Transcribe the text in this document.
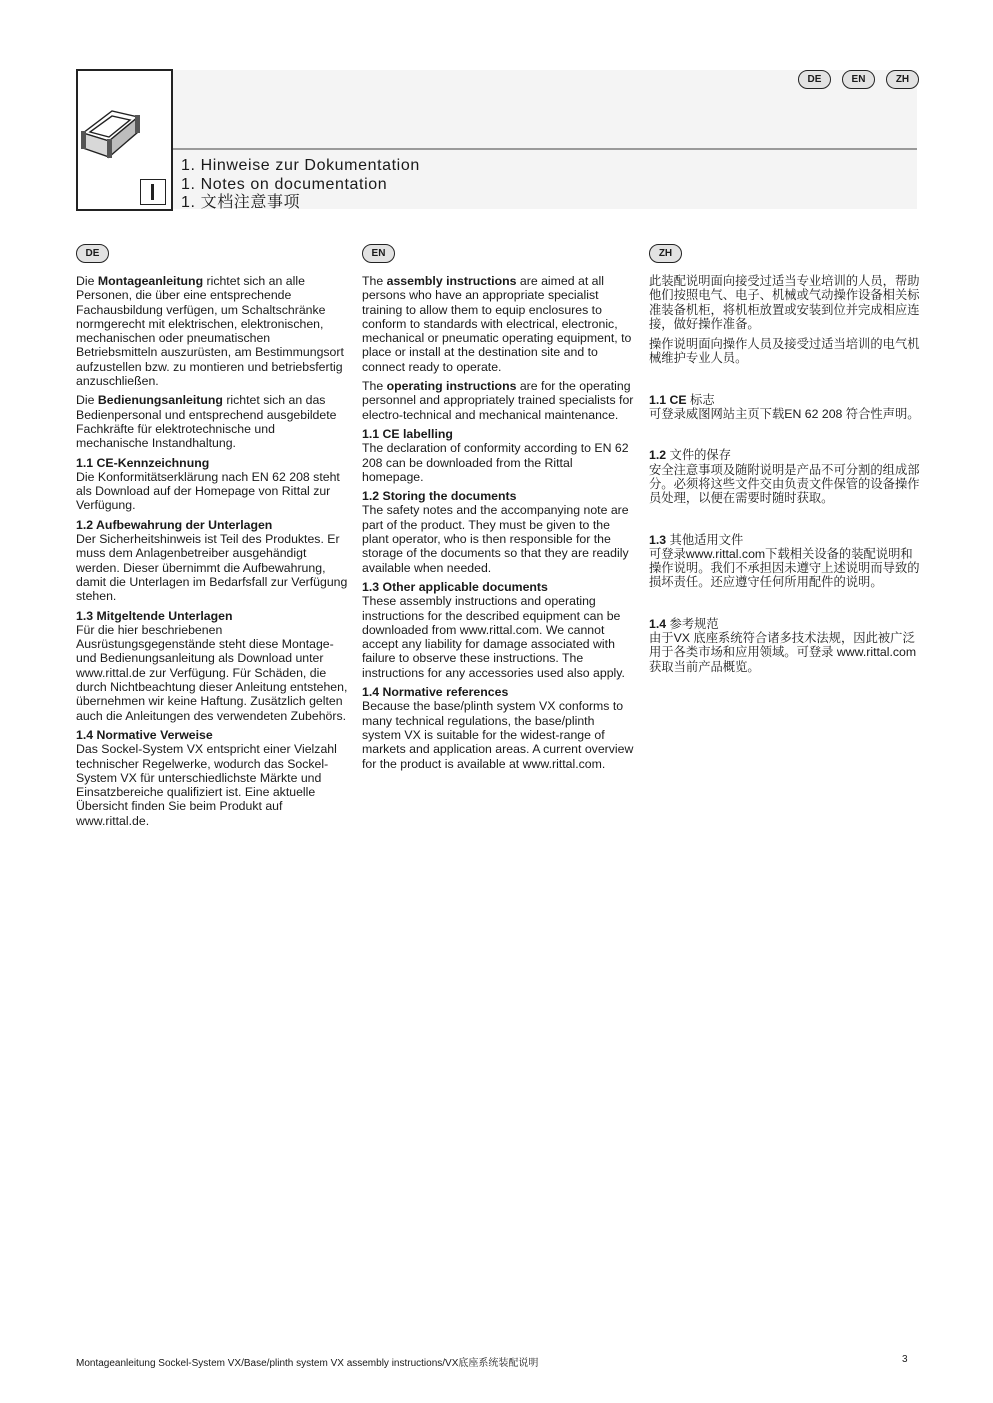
DE	EN	ZH
1. Hinweise zur Dokumentation
1. Notes on documentation
1. 文档注意事项
DE

Die Montageanleitung richtet sich an alle Personen, die über eine entsprechende Fachausbildung verfügen, um Schaltschränke normgerecht mit elektrischen, elektronischen, mechanischen oder pneumatischen Betriebsmitteln auszurüsten, am Bestimmungsort aufzustellen bzw. zu montieren und betriebsfertig anzuschließen.

Die Bedienungsanleitung richtet sich an das Bedienpersonal und entsprechend ausgebildete Fachkräfte für elektrotechnische und mechanische Instandhaltung.

1.1 CE-Kennzeichnung

Die Konformitätserklärung nach EN 62 208 steht als Download auf der Homepage von Rittal zur Verfügung.

1.2 Aufbewahrung der Unterlagen

Der Sicherheitshinweis ist Teil des Produktes. Er muss dem Anlagenbetreiber ausgehändigt werden. Dieser übernimmt die Aufbewahrung, damit die Unterlagen im Bedarfsfall zur Verfügung stehen.

1.3 Mitgeltende Unterlagen

Für die hier beschriebenen Ausrüstungsgegenstände steht diese Montage- und Bedienungsanleitung als Download unter www.rittal.de zur Verfügung. Für Schäden, die durch Nichtbeachtung dieser Anleitung entstehen, übernehmen wir keine Haftung. Zusätzlich gelten auch die Anleitungen des verwendeten Zubehörs.

1.4 Normative Verweise

Das Sockel-System VX entspricht einer Vielzahl technischer Regelwerke, wodurch das Sockel-System VX für unterschiedlichste Märkte und Einsatzbereiche qualifiziert ist. Eine aktuelle Übersicht finden Sie beim Produkt auf www.rittal.de.

EN

The assembly instructions are aimed at all persons who have an appropriate specialist training to allow them to equip enclosures to conform to standards with electrical, electronic, mechanical or pneumatic operating equipment, to place or install at the destination site and to connect ready to operate.

The operating instructions are for the operating personnel and appropriately trained specialists for electro-technical and mechanical maintenance.

1.1 CE labelling

The declaration of conformity according to EN 62 208 can be downloaded from the Rittal homepage.

1.2 Storing the documents

The safety notes and the accompanying note are part of the product. They must be given to the plant operator, who is then responsible for the storage of the documents so that they are readily available when needed.

1.3 Other applicable documents

These assembly instructions and operating instructions for the described equipment can be downloaded from www.rittal.com. We cannot accept any liability for damage associated with failure to observe these instructions. The instructions for any accessories used also apply.

1.4 Normative references

Because the base/plinth system VX conforms to many technical regulations, the base/plinth system VX is suitable for the widest-range of markets and application areas. A current overview for the product is available at www.rittal.com.

ZH

此装配说明面向接受过适当专业培训的人员，帮助他们按照电气、电子、机械或气动操作设备相关标准装备机柜，将机柜放置或安装到位并完成相应连接，做好操作准备。

操作说明面向操作人员及接受过适当培训的电气机械维护专业人员。

1.1 CE 标志

可登录威图网站主页下载EN 62 208 符合性声明。

1.2 文件的保存

安全注意事项及随附说明是产品不可分割的组成部分。必须将这些文件交由负责文件保管的设备操作员处理，以便在需要时随时获取。

1.3 其他适用文件

可登录www.rittal.com下载相关设备的装配说明和操作说明。我们不承担因未遵守上述说明而导致的损坏责任。还应遵守任何所用配件的说明。

1.4 参考规范

由于VX 底座系统符合诸多技术法规，因此被广泛用于各类市场和应用领域。可登录 www.rittal.com 获取当前产品概览。

Montageanleitung Sockel-System VX/Base/plinth system VX assembly instructions/VX底座系统装配说明	3
